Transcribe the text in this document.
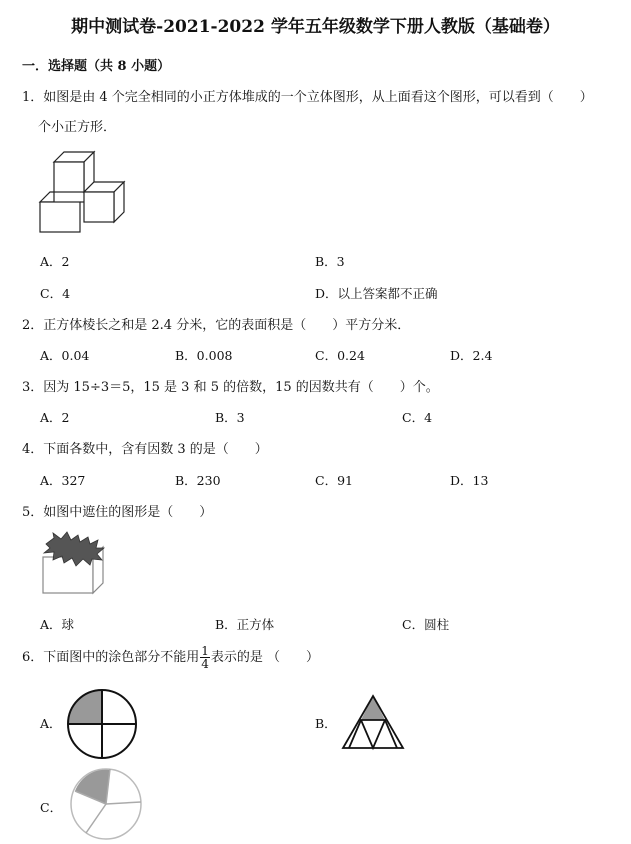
期中测试卷-2021-2022 学年五年级数学下册人教版（基础卷）
一．选择题（共 8 小题）
1．如图是由 4 个完全相同的小正方体堆成的一个立体图形，从上面看这个图形，可以看到（　　）
个小正方形．
A．2	B．3
C．4	D．以上答案都不正确
2．正方体棱长之和是 2.4 分米，它的表面积是（　　）平方分米．
A．0.04	B．0.008	C．0.24	D．2.4
3．因为 15÷3＝5，15 是 3 和 5 的倍数，15 的因数共有（　　）个。
A．2	B．3	C．4
4．下面各数中，含有因数 3 的是（　　）
A．327	B．230	C．91	D．13
5．如图中遮住的图形是（　　）
A．球	B．正方体	C．圆柱
6．下面图中的涂色部分不能用 $\frac{1}{4}$ 表示的是 （　　）
A．	B．
C．
